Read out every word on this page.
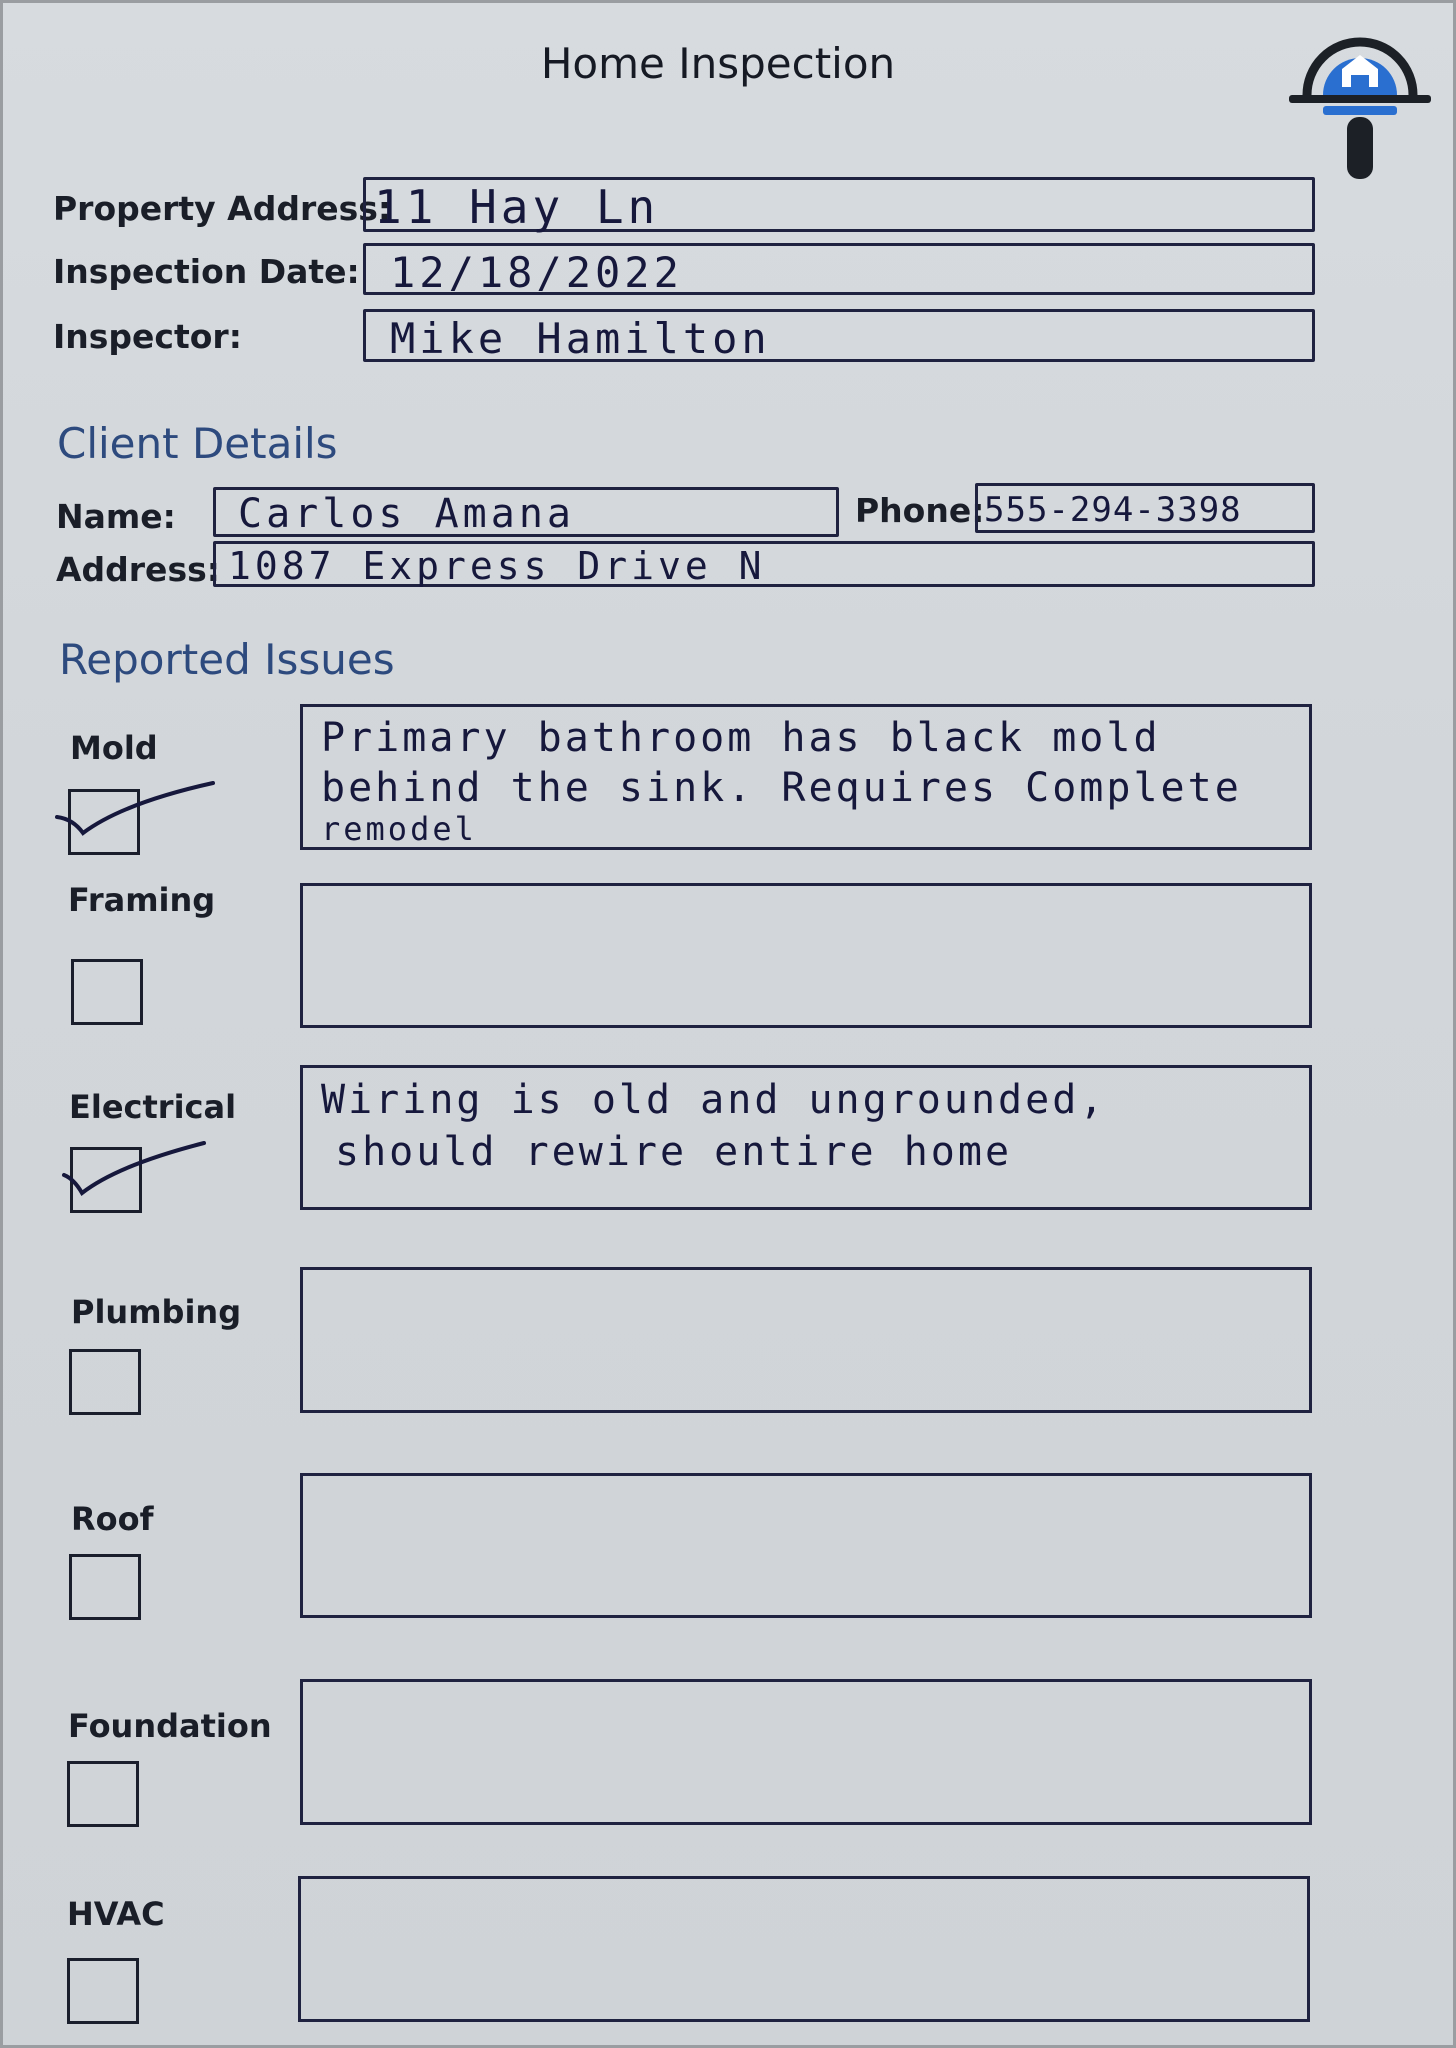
Home Inspection
Property Address:
11 Hay Ln
Inspection Date: 12/18/2022
Inspector:	Mike Hamilton
Client Details
Name: Carlos Amana	Phone: 555-294-3398
Address: 1087 Express Drive N
Reported Issues
Mold	Primary bathroom has black mold
behind the sink. Requires Complete
remodel
Framing
Electrical Wiring is old and ungrounded,
should rewire entire home
Plumbing
Roof
Foundation
HVAC
